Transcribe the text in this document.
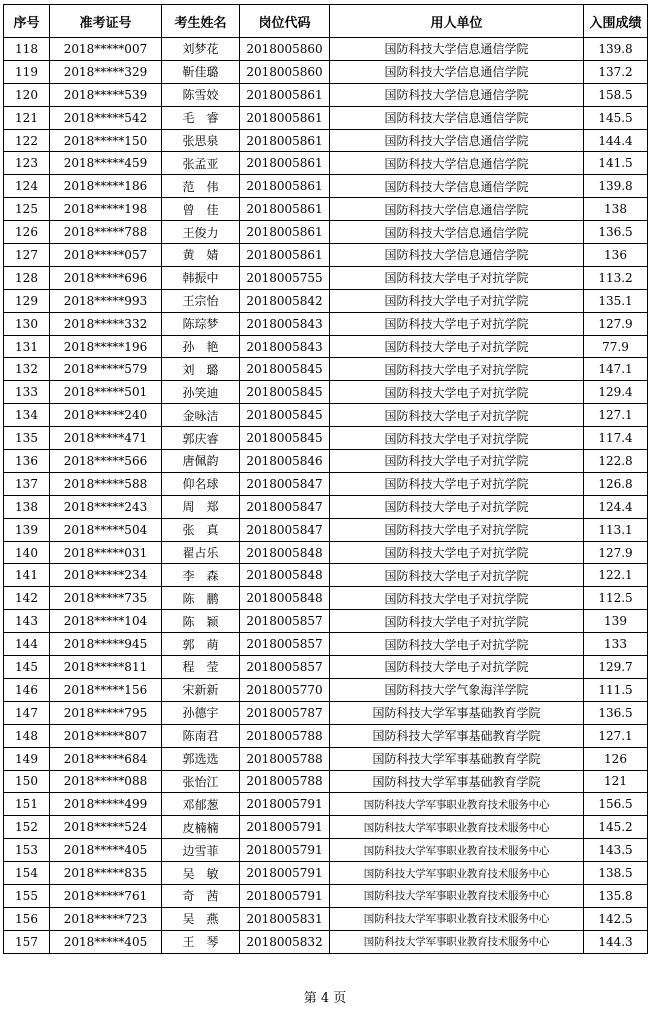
序号	准考证号	考生姓名	岗位代码	用人单位	入围成绩
118	2018*****007	刘梦花	2018005860	国防科技大学信息通信学院	139.8
119	2018*****329	靳佳璐	2018005860	国防科技大学信息通信学院	137.2
120	2018*****539	陈雪姣	2018005861	国防科技大学信息通信学院	158.5
121	2018*****542	毛　睿	2018005861	国防科技大学信息通信学院	145.5
122	2018*****150	张思泉	2018005861	国防科技大学信息通信学院	144.4
123	2018*****459	张孟亚	2018005861	国防科技大学信息通信学院	141.5
124	2018*****186	范　伟	2018005861	国防科技大学信息通信学院	139.8
125	2018*****198	曾　佳	2018005861	国防科技大学信息通信学院	138
126	2018*****788	王俊力	2018005861	国防科技大学信息通信学院	136.5
127	2018*****057	黄　婧	2018005861	国防科技大学信息通信学院	136
128	2018*****696	韩振中	2018005755	国防科技大学电子对抗学院	113.2
129	2018*****993	王宗怡	2018005842	国防科技大学电子对抗学院	135.1
130	2018*****332	陈琮梦	2018005843	国防科技大学电子对抗学院	127.9
131	2018*****196	孙　艳	2018005843	国防科技大学电子对抗学院	77.9
132	2018*****579	刘　璐	2018005845	国防科技大学电子对抗学院	147.1
133	2018*****501	孙笑迪	2018005845	国防科技大学电子对抗学院	129.4
134	2018*****240	金咏洁	2018005845	国防科技大学电子对抗学院	127.1
135	2018*****471	郭庆睿	2018005845	国防科技大学电子对抗学院	117.4
136	2018*****566	唐佩韵	2018005846	国防科技大学电子对抗学院	122.8
137	2018*****588	仰名球	2018005847	国防科技大学电子对抗学院	126.8
138	2018*****243	周　郑	2018005847	国防科技大学电子对抗学院	124.4
139	2018*****504	张　真	2018005847	国防科技大学电子对抗学院	113.1
140	2018*****031	翟占乐	2018005848	国防科技大学电子对抗学院	127.9
141	2018*****234	李　森	2018005848	国防科技大学电子对抗学院	122.1
142	2018*****735	陈　鹏	2018005848	国防科技大学电子对抗学院	112.5
143	2018*****104	陈　颖	2018005857	国防科技大学电子对抗学院	139
144	2018*****945	郭　萌	2018005857	国防科技大学电子对抗学院	133
145	2018*****811	程　莹	2018005857	国防科技大学电子对抗学院	129.7
146	2018*****156	宋新新	2018005770	国防科技大学气象海洋学院	111.5
147	2018*****795	孙德宇	2018005787	国防科技大学军事基础教育学院	136.5
148	2018*****807	陈南君	2018005788	国防科技大学军事基础教育学院	127.1
149	2018*****684	郭选选	2018005788	国防科技大学军事基础教育学院	126
150	2018*****088	张怡江	2018005788	国防科技大学军事基础教育学院	121
151	2018*****499	邓郁葱	2018005791	国防科技大学军事职业教育技术服务中心	156.5
152	2018*****524	皮楠楠	2018005791	国防科技大学军事职业教育技术服务中心	145.2
153	2018*****405	边雪菲	2018005791	国防科技大学军事职业教育技术服务中心	143.5
154	2018*****835	吴　敏	2018005791	国防科技大学军事职业教育技术服务中心	138.5
155	2018*****761	奇　茜	2018005791	国防科技大学军事职业教育技术服务中心	135.8
156	2018*****723	吴　燕	2018005831	国防科技大学军事职业教育技术服务中心	142.5
157	2018*****405	王　琴	2018005832	国防科技大学军事职业教育技术服务中心	144.3
第 4 页
